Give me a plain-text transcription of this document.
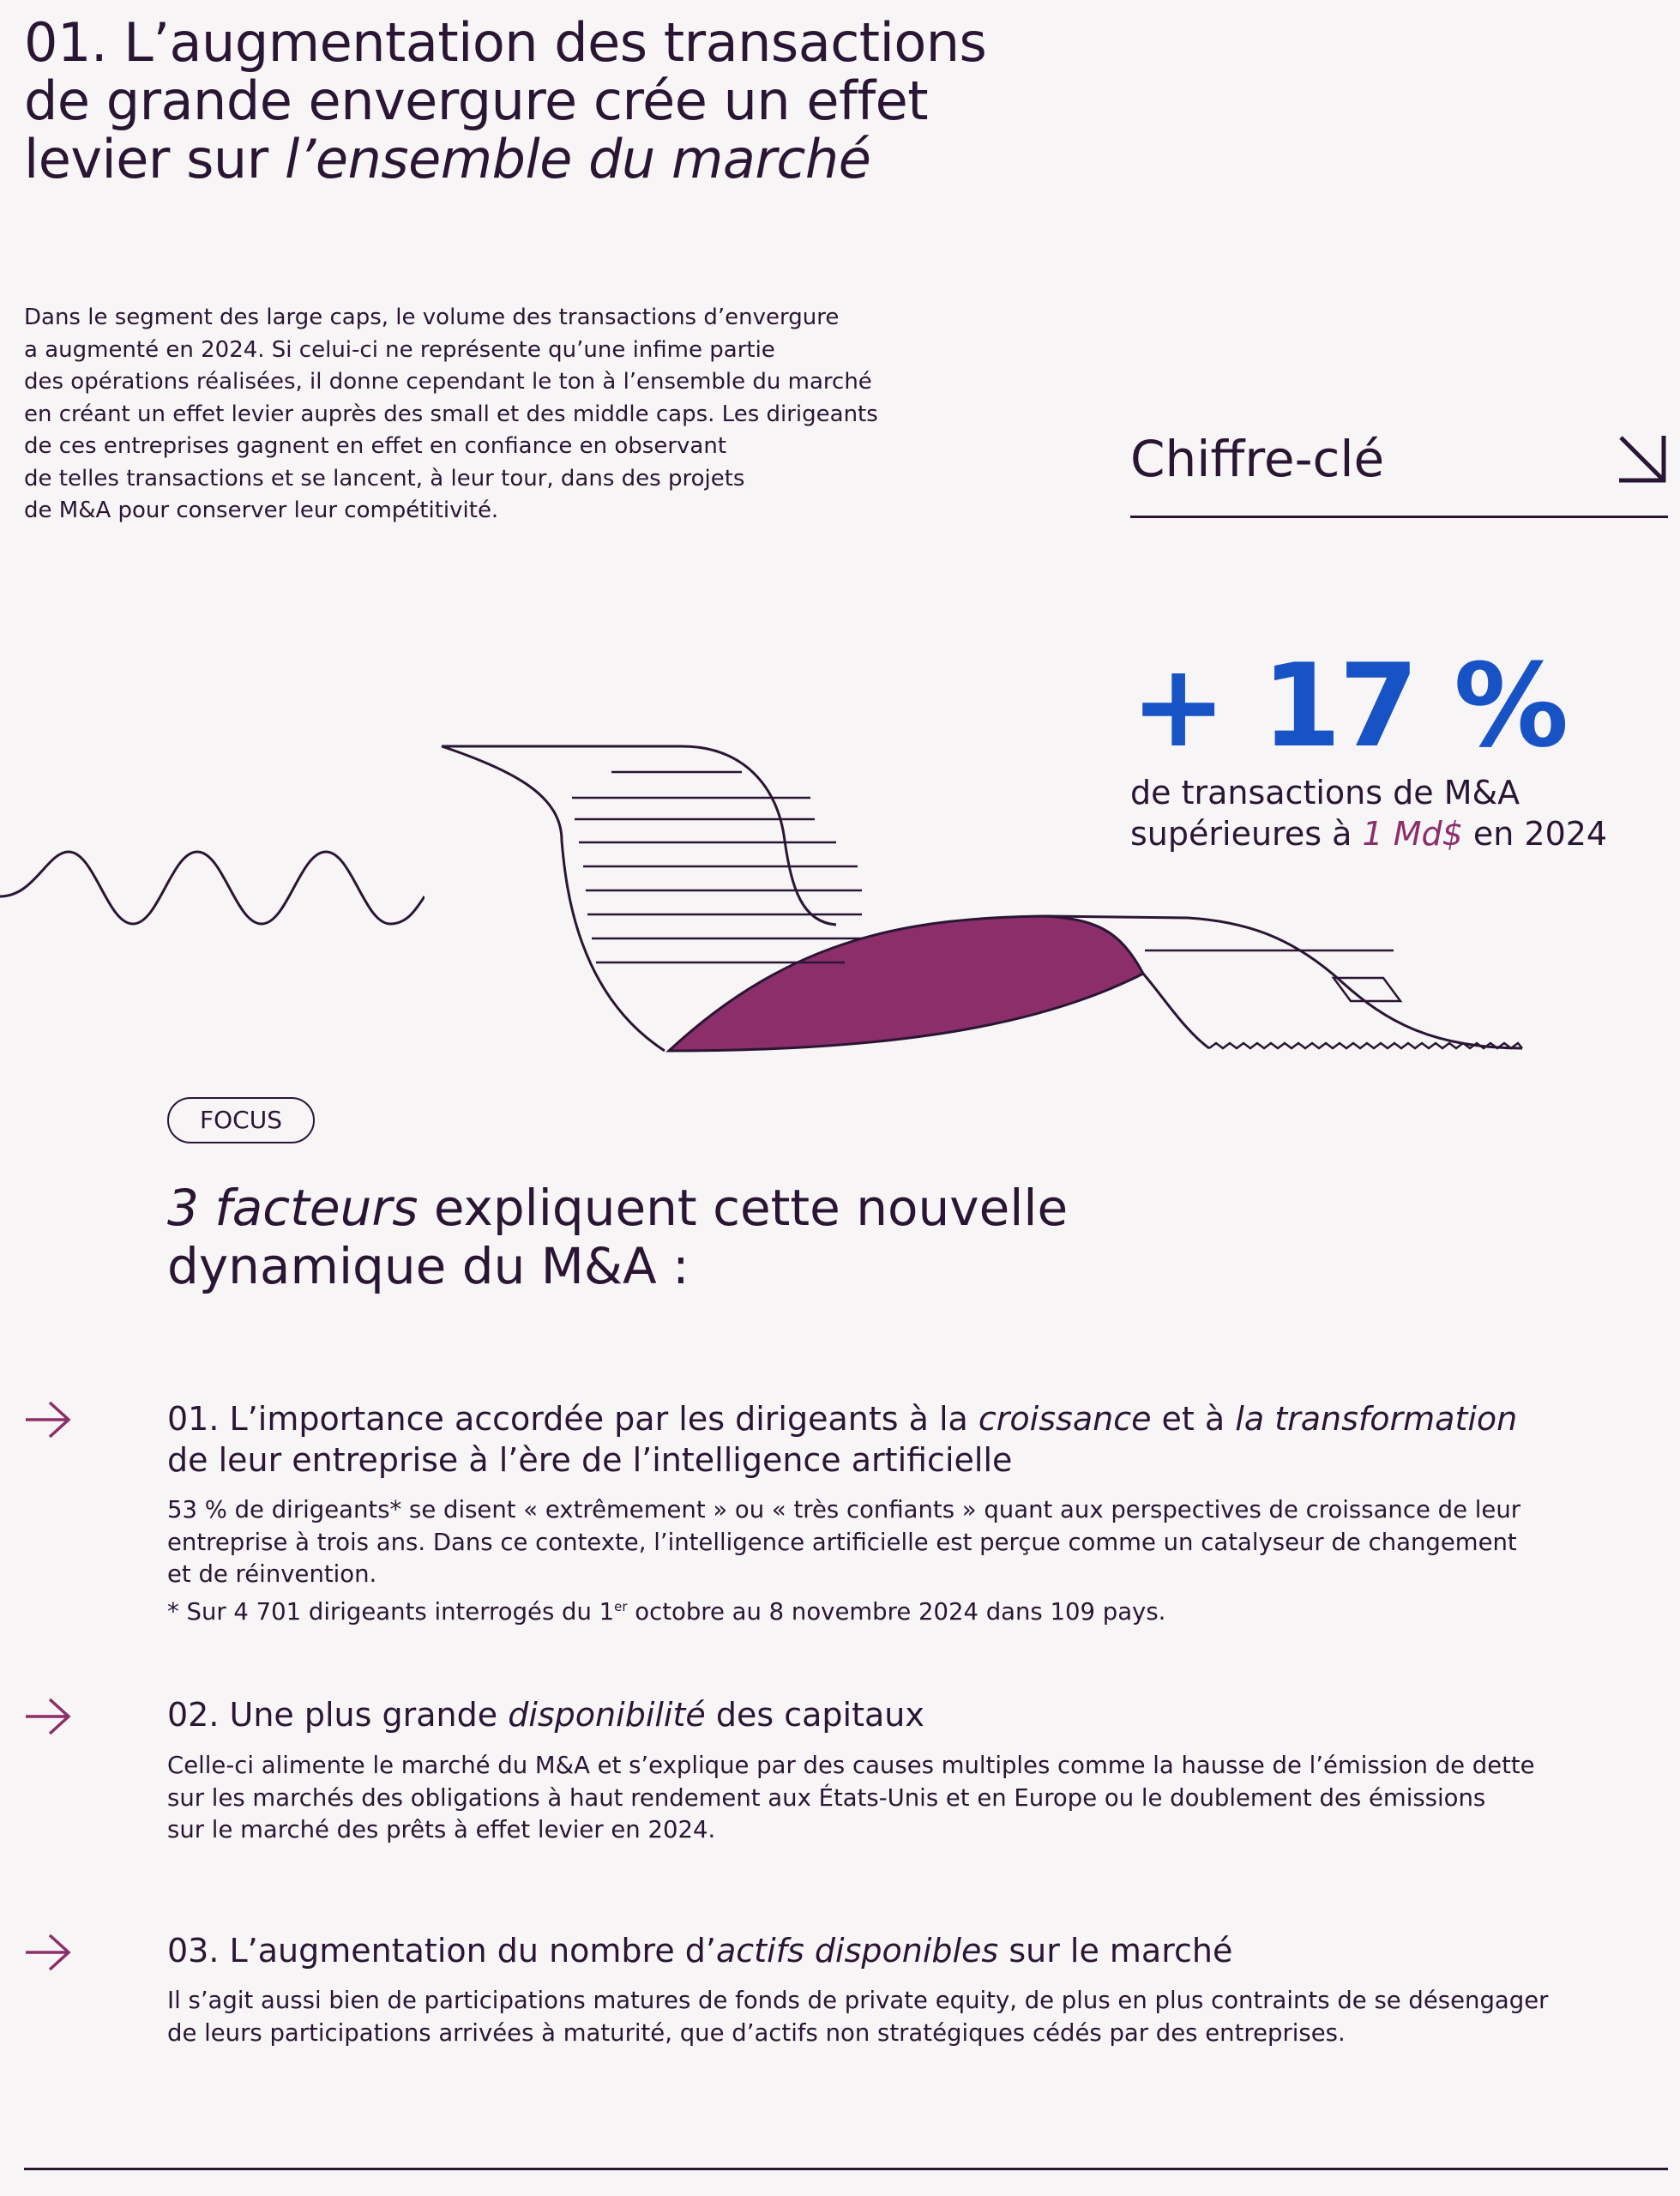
01. L’augmentation des transactions
de grande envergure crée un effet
levier sur l’ensemble du marché

Dans le segment des large caps, le volume des transactions d’envergure
a augmenté en 2024. Si celui-ci ne représente qu’une infime partie
des opérations réalisées, il donne cependant le ton à l’ensemble du marché
en créant un effet levier auprès des small et des middle caps. Les dirigeants
de ces entreprises gagnent en effet en confiance en observant
de telles transactions et se lancent, à leur tour, dans des projets
de M&A pour conserver leur compétitivité.

Chiffre-clé
+ 17 %
de transactions de M&A
supérieures à 1 Md$ en 2024
FOCUS
3 facteurs expliquent cette nouvelle
dynamique du M&A :
01. L’importance accordée par les dirigeants à la croissance et à la transformation
de leur entreprise à l’ère de l’intelligence artificielle

53 % de dirigeants* se disent « extrêmement » ou « très confiants » quant aux perspectives de croissance de leur
entreprise à trois ans. Dans ce contexte, l’intelligence artificielle est perçue comme un catalyseur de changement
et de réinvention.
* Sur 4 701 dirigeants interrogés du 1er octobre au 8 novembre 2024 dans 109 pays.

02. Une plus grande disponibilité des capitaux

Celle-ci alimente le marché du M&A et s’explique par des causes multiples comme la hausse de l’émission de dette
sur les marchés des obligations à haut rendement aux États-Unis et en Europe ou le doublement des émissions
sur le marché des prêts à effet levier en 2024.

03. L’augmentation du nombre d’actifs disponibles sur le marché

Il s’agit aussi bien de participations matures de fonds de private equity, de plus en plus contraints de se désengager
de leurs participations arrivées à maturité, que d’actifs non stratégiques cédés par des entreprises.
